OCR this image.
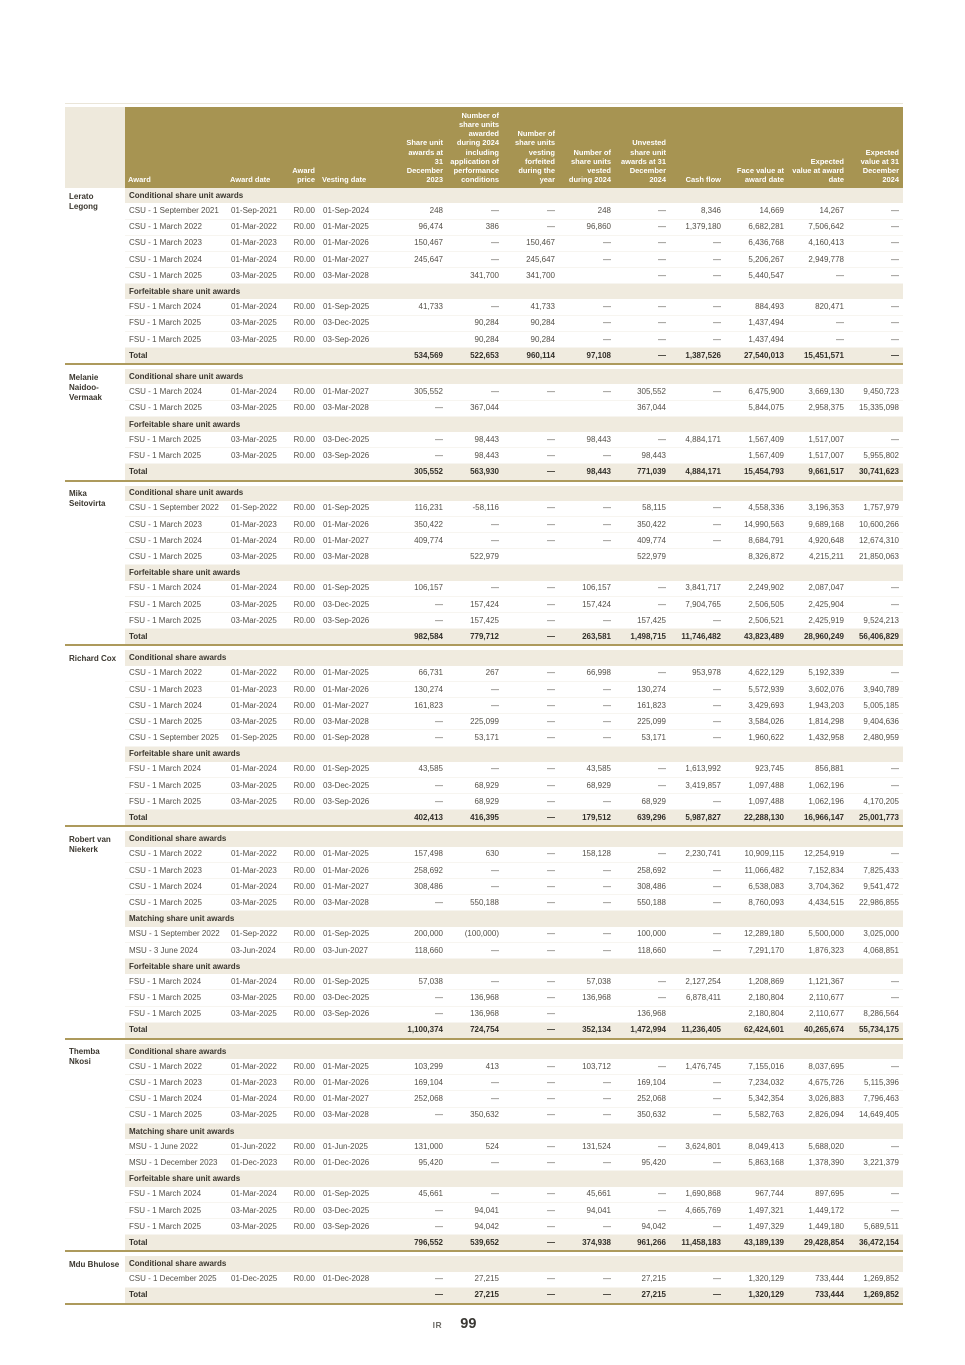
	Award	Award date	Award price	Vesting date	Share unit awards at 31 December 2023	Number of share units awarded during 2024 including application of performance conditions	Number of share units vesting forfeited during the year	Number of share units vested during 2024	Unvested share unit awards at 31 December 2024	Cash flow	Face value at award date	Expected value at award date	Expected value at 31 December 2024
Lerato Legong	Conditional share unit awards												
	CSU - 1 September 2021	01-Sep-2021	R0.00	01-Sep-2024	248	—	—	248	—	8,346	14,669	14,267	—
	CSU - 1 March 2022	01-Mar-2022	R0.00	01-Mar-2025	96,474	386	—	96,860	—	1,379,180	6,682,281	7,506,642	—
	CSU - 1 March 2023	01-Mar-2023	R0.00	01-Mar-2026	150,467	—	150,467	—	—	—	6,436,768	4,160,413	—
	CSU - 1 March 2024	01-Mar-2024	R0.00	01-Mar-2027	245,647	—	245,647	—	—	—	5,206,267	2,949,778	—
	CSU - 1 March 2025	03-Mar-2025	R0.00	03-Mar-2028		341,700	341,700		—	—	5,440,547	—	—
	Forfeitable share unit awards												
	FSU - 1 March 2024	01-Mar-2024	R0.00	01-Sep-2025	41,733	—	41,733	—	—	—	884,493	820,471	—
	FSU - 1 March 2025	03-Mar-2025	R0.00	03-Dec-2025		90,284	90,284	—	—	—	1,437,494	—	—
	FSU - 1 March 2025	03-Mar-2025	R0.00	03-Sep-2026		90,284	90,284	—	—	—	1,437,494	—	—
	Total				534,569	522,653	960,114	97,108	—	1,387,526	27,540,013	15,451,571	—

Melanie Naidoo-Vermaak	Conditional share unit awards												
	CSU - 1 March 2024	01-Mar-2024	R0.00	01-Mar-2027	305,552	—	—	—	305,552	—	6,475,900	3,669,130	9,450,723
	CSU - 1 March 2025	03-Mar-2025	R0.00	03-Mar-2028	—	367,044			367,044		5,844,075	2,958,375	15,335,098
	Forfeitable share unit awards												
	FSU - 1 March 2025	03-Mar-2025	R0.00	03-Dec-2025	—	98,443	—	98,443	—	4,884,171	1,567,409	1,517,007	—
	FSU - 1 March 2025	03-Mar-2025	R0.00	03-Sep-2026	—	98,443	—	—	98,443		1,567,409	1,517,007	5,955,802
	Total				305,552	563,930	—	98,443	771,039	4,884,171	15,454,793	9,661,517	30,741,623

Mika Seitovirta	Conditional share unit awards												
	CSU - 1 September 2022	01-Sep-2022	R0.00	01-Sep-2025	116,231	-58,116	—	—	58,115	—	4,558,336	3,196,353	1,757,979
	CSU - 1 March 2023	01-Mar-2023	R0.00	01-Mar-2026	350,422	—	—	—	350,422	—	14,990,563	9,689,168	10,600,266
	CSU - 1 March 2024	01-Mar-2024	R0.00	01-Mar-2027	409,774	—	—	—	409,774	—	8,684,791	4,920,648	12,674,310
	CSU - 1 March 2025	03-Mar-2025	R0.00	03-Mar-2028		522,979			522,979		8,326,872	4,215,211	21,850,063
	Forfeitable share unit awards												
	FSU - 1 March 2024	01-Mar-2024	R0.00	01-Sep-2025	106,157	—	—	106,157	—	3,841,717	2,249,902	2,087,047	—
	FSU - 1 March 2025	03-Mar-2025	R0.00	03-Dec-2025	—	157,424	—	157,424	—	7,904,765	2,506,505	2,425,904	—
	FSU - 1 March 2025	03-Mar-2025	R0.00	03-Sep-2026	—	157,425	—	—	157,425	—	2,506,521	2,425,919	9,524,213
	Total				982,584	779,712	—	263,581	1,498,715	11,746,482	43,823,489	28,960,249	56,406,829

Richard Cox	Conditional share awards												
	CSU - 1 March 2022	01-Mar-2022	R0.00	01-Mar-2025	66,731	267	—	66,998	—	953,978	4,622,129	5,192,339	—
	CSU - 1 March 2023	01-Mar-2023	R0.00	01-Mar-2026	130,274	—	—	—	130,274	—	5,572,939	3,602,076	3,940,789
	CSU - 1 March 2024	01-Mar-2024	R0.00	01-Mar-2027	161,823	—	—	—	161,823	—	3,429,693	1,943,203	5,005,185
	CSU - 1 March 2025	03-Mar-2025	R0.00	03-Mar-2028	—	225,099	—	—	225,099	—	3,584,026	1,814,298	9,404,636
	CSU - 1 September 2025	01-Sep-2025	R0.00	01-Sep-2028	—	53,171	—	—	53,171	—	1,960,622	1,432,958	2,480,959
	Forfeitable share unit awards												
	FSU - 1 March 2024	01-Mar-2024	R0.00	01-Sep-2025	43,585	—	—	43,585	—	1,613,992	923,745	856,881	—
	FSU - 1 March 2025	03-Mar-2025	R0.00	03-Dec-2025	—	68,929	—	68,929	—	3,419,857	1,097,488	1,062,196	—
	FSU - 1 March 2025	03-Mar-2025	R0.00	03-Sep-2026	—	68,929	—	—	68,929	—	1,097,488	1,062,196	4,170,205
	Total				402,413	416,395	—	179,512	639,296	5,987,827	22,288,130	16,966,147	25,001,773

Robert van Niekerk	Conditional share awards												
	CSU - 1 March 2022	01-Mar-2022	R0.00	01-Mar-2025	157,498	630	—	158,128	—	2,230,741	10,909,115	12,254,919	—
	CSU - 1 March 2023	01-Mar-2023	R0.00	01-Mar-2026	258,692	—	—	—	258,692	—	11,066,482	7,152,834	7,825,433
	CSU - 1 March 2024	01-Mar-2024	R0.00	01-Mar-2027	308,486	—	—	—	308,486	—	6,538,083	3,704,362	9,541,472
	CSU - 1 March 2025	03-Mar-2025	R0.00	03-Mar-2028	—	550,188	—	—	550,188	—	8,760,093	4,434,515	22,986,855
	Matching share unit awards												
	MSU - 1 September 2022	01-Sep-2022	R0.00	01-Sep-2025	200,000	(100,000)	—	—	100,000	—	12,289,180	5,500,000	3,025,000
	MSU - 3 June 2024	03-Jun-2024	R0.00	03-Jun-2027	118,660	—	—	—	118,660	—	7,291,170	1,876,323	4,068,851
	Forfeitable share unit awards												
	FSU - 1 March 2024	01-Mar-2024	R0.00	01-Sep-2025	57,038	—	—	57,038	—	2,127,254	1,208,869	1,121,367	—
	FSU - 1 March 2025	03-Mar-2025	R0.00	03-Dec-2025	—	136,968	—	136,968	—	6,878,411	2,180,804	2,110,677	—
	FSU - 1 March 2025	03-Mar-2025	R0.00	03-Sep-2026	—	136,968	—		136,968		2,180,804	2,110,677	8,286,564
	Total				1,100,374	724,754	—	352,134	1,472,994	11,236,405	62,424,601	40,265,674	55,734,175

Themba Nkosi	Conditional share awards												
	CSU - 1 March 2022	01-Mar-2022	R0.00	01-Mar-2025	103,299	413	—	103,712	—	1,476,745	7,155,016	8,037,695	—
	CSU - 1 March 2023	01-Mar-2023	R0.00	01-Mar-2026	169,104	—	—	—	169,104	—	7,234,032	4,675,726	5,115,396
	CSU - 1 March 2024	01-Mar-2024	R0.00	01-Mar-2027	252,068	—	—	—	252,068	—	5,342,354	3,026,883	7,796,463
	CSU - 1 March 2025	03-Mar-2025	R0.00	03-Mar-2028	—	350,632	—	—	350,632	—	5,582,763	2,826,094	14,649,405
	Matching share unit awards												
	MSU - 1 June 2022	01-Jun-2022	R0.00	01-Jun-2025	131,000	524	—	131,524	—	3,624,801	8,049,413	5,688,020	—
	MSU - 1 December 2023	01-Dec-2023	R0.00	01-Dec-2026	95,420	—	—	—	95,420	—	5,863,168	1,378,390	3,221,379
	Forfeitable share unit awards												
	FSU - 1 March 2024	01-Mar-2024	R0.00	01-Sep-2025	45,661	—	—	45,661	—	1,690,868	967,744	897,695	—
	FSU - 1 March 2025	03-Mar-2025	R0.00	03-Dec-2025	—	94,041	—	94,041	—	4,665,769	1,497,321	1,449,172	—
	FSU - 1 March 2025	03-Mar-2025	R0.00	03-Sep-2026	—	94,042	—	—	94,042	—	1,497,329	1,449,180	5,689,511
	Total				796,552	539,652	—	374,938	961,266	11,458,183	43,189,139	29,428,854	36,472,154

Mdu Bhulose	Conditional share awards												
	CSU - 1 December 2025	01-Dec-2025	R0.00	01-Dec-2028	—	27,215	—	—	27,215	—	1,320,129	733,444	1,269,852
	Total				—	27,215	—	—	27,215	—	1,320,129	733,444	1,269,852
IR 99
